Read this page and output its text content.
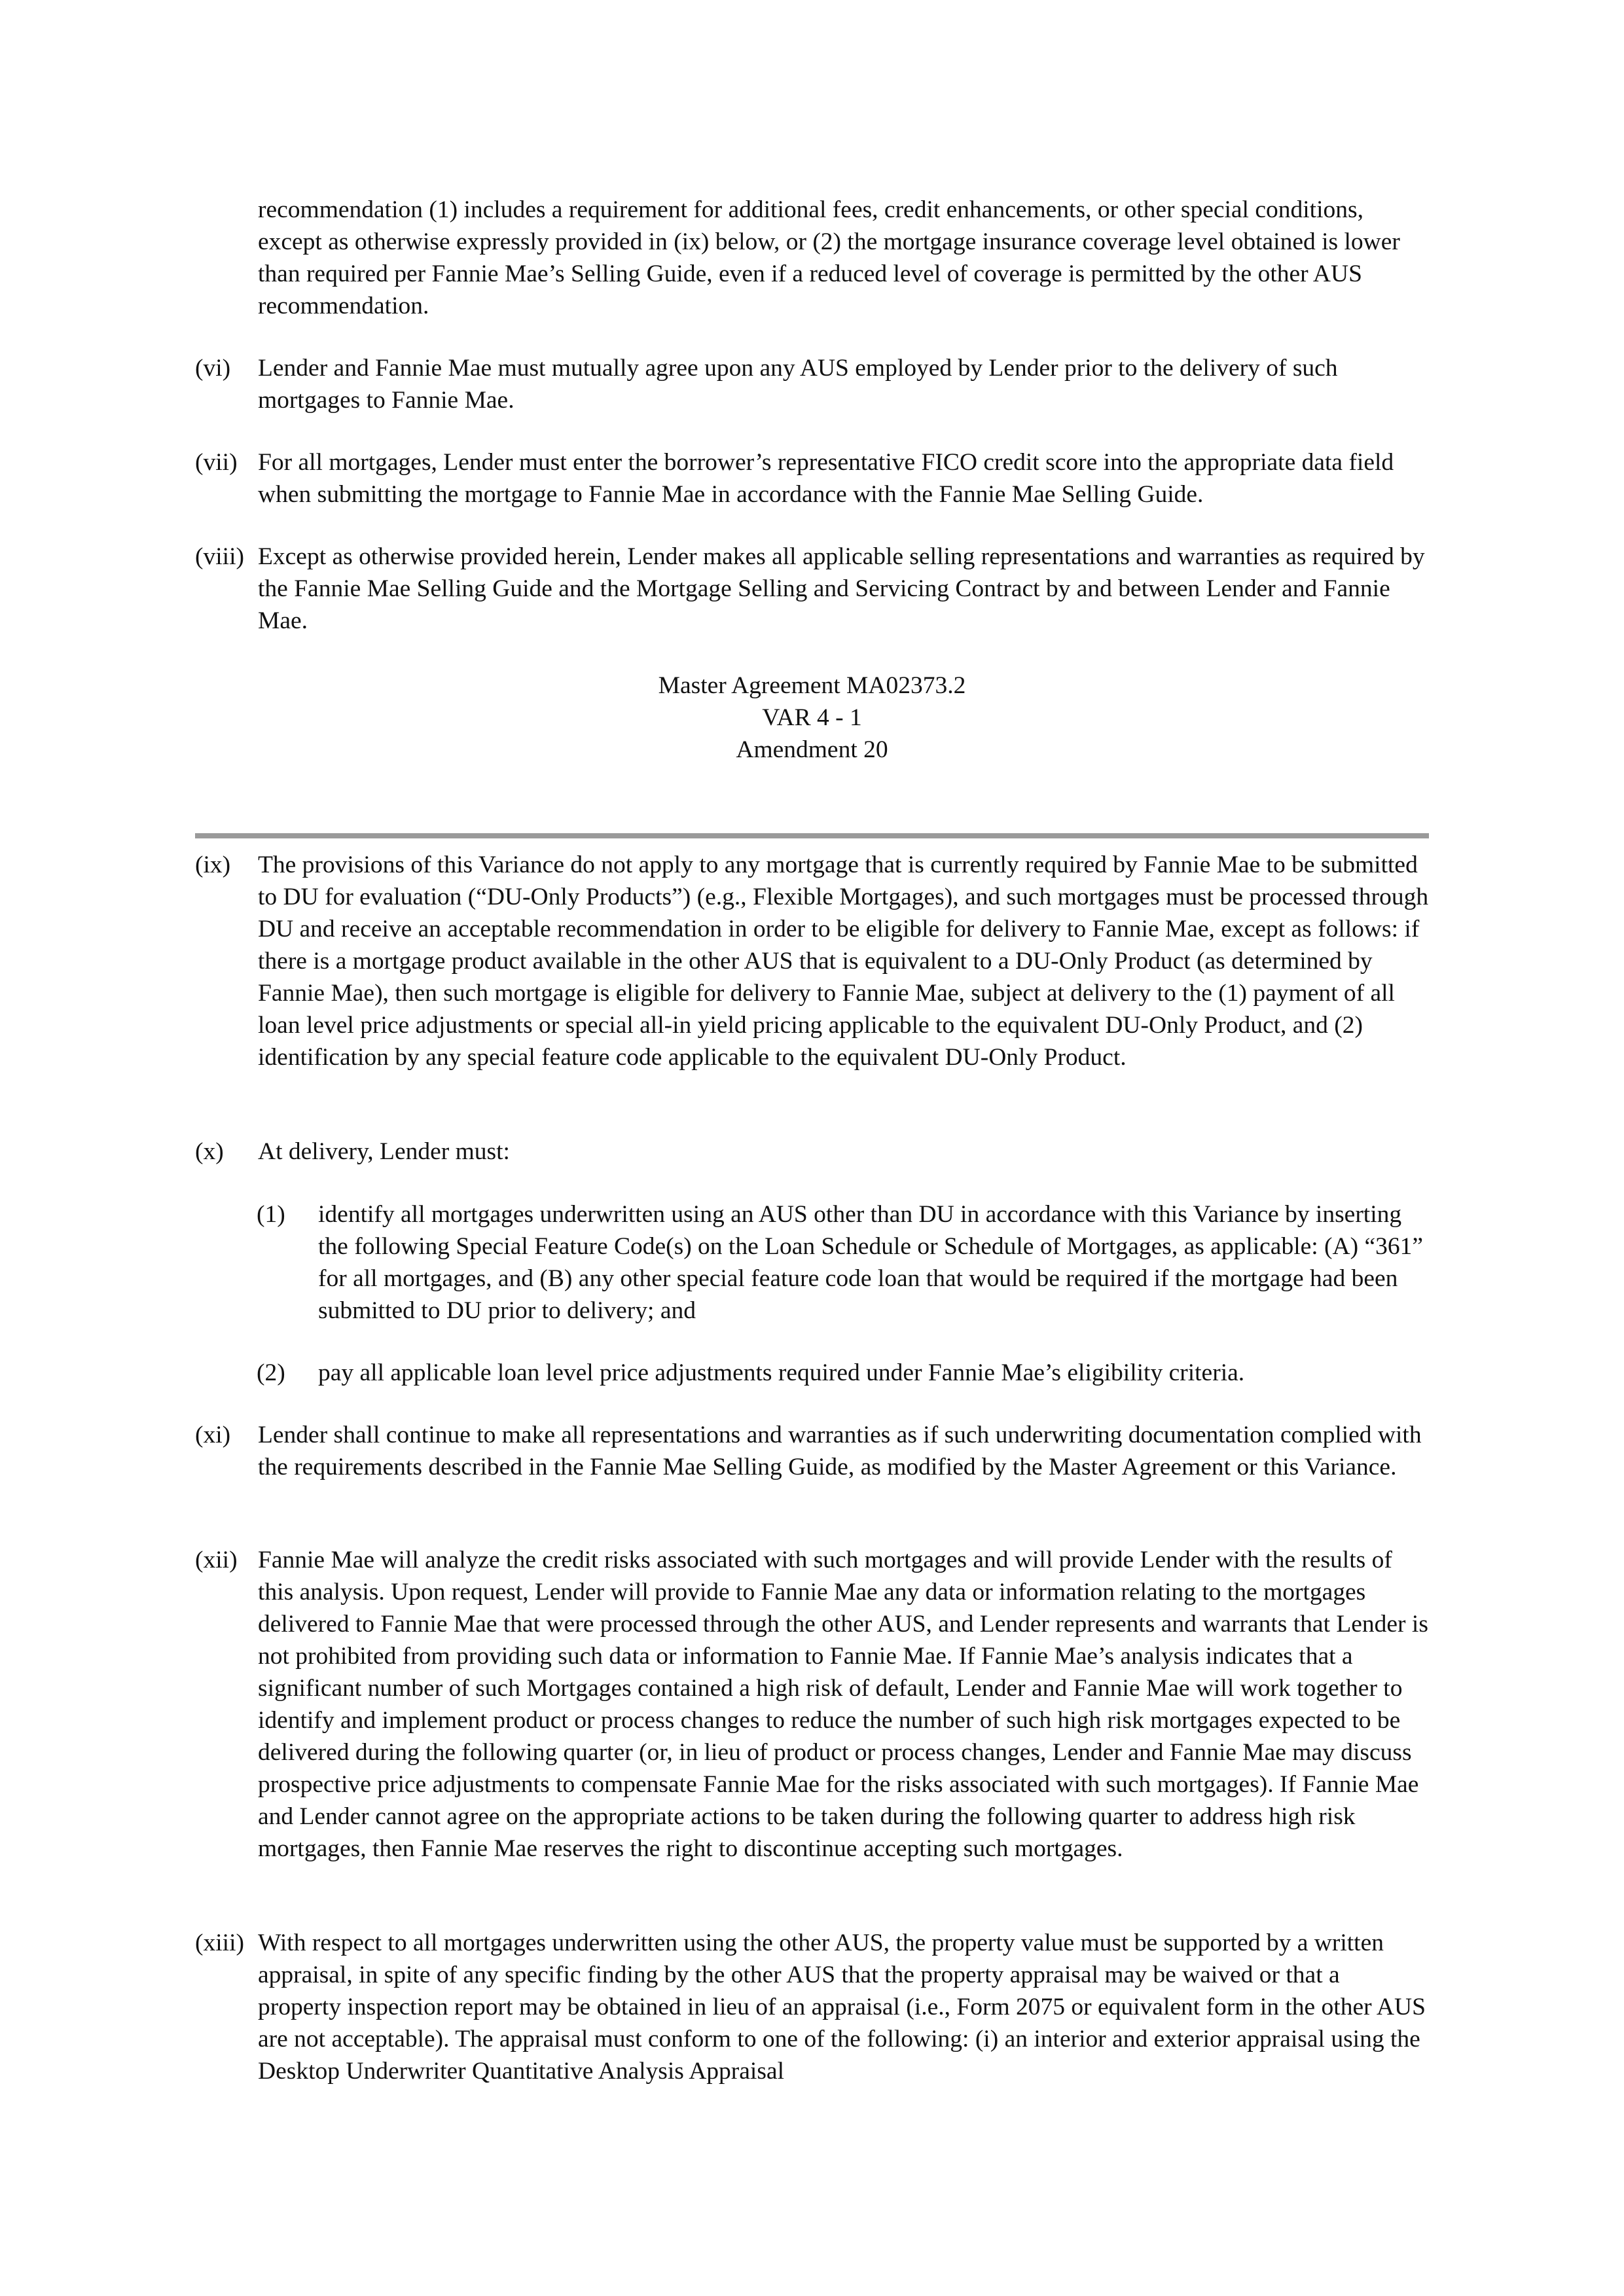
recommendation (1) includes a requirement for additional fees, credit enhancements, or other special conditions, except as otherwise expressly provided in (ix) below, or (2) the mortgage insurance coverage level obtained is lower than required per Fannie Mae’s Selling Guide, even if a reduced level of coverage is permitted by the other AUS recommendation.

(vi) Lender and Fannie Mae must mutually agree upon any AUS employed by Lender prior to the delivery of such mortgages to Fannie Mae.
(vii) For all mortgages, Lender must enter the borrower’s representative FICO credit score into the appropriate data field when submitting the mortgage to Fannie Mae in accordance with the Fannie Mae Selling Guide.
(viii) Except as otherwise provided herein, Lender makes all applicable selling representations and warranties as required by the Fannie Mae Selling Guide and the Mortgage Selling and Servicing Contract by and between Lender and Fannie Mae.
Master Agreement MA02373.2
VAR 4 - 1
Amendment 20
(ix) The provisions of this Variance do not apply to any mortgage that is currently required by Fannie Mae to be submitted to DU for evaluation (“DU-Only Products”) (e.g., Flexible Mortgages), and such mortgages must be processed through DU and receive an acceptable recommendation in order to be eligible for delivery to Fannie Mae, except as follows: if there is a mortgage product available in the other AUS that is equivalent to a DU-Only Product (as determined by Fannie Mae), then such mortgage is eligible for delivery to Fannie Mae, subject at delivery to the (1) payment of all loan level price adjustments or special all-in yield pricing applicable to the equivalent DU-Only Product, and (2) identification by any special feature code applicable to the equivalent DU-Only Product.
(x) At delivery, Lender must:
(1) identify all mortgages underwritten using an AUS other than DU in accordance with this Variance by inserting the following Special Feature Code(s) on the Loan Schedule or Schedule of Mortgages, as applicable: (A) “361” for all mortgages, and (B) any other special feature code loan that would be required if the mortgage had been submitted to DU prior to delivery; and
(2) pay all applicable loan level price adjustments required under Fannie Mae’s eligibility criteria.
(xi) Lender shall continue to make all representations and warranties as if such underwriting documentation complied with the requirements described in the Fannie Mae Selling Guide, as modified by the Master Agreement or this Variance.
(xii) Fannie Mae will analyze the credit risks associated with such mortgages and will provide Lender with the results of this analysis. Upon request, Lender will provide to Fannie Mae any data or information relating to the mortgages delivered to Fannie Mae that were processed through the other AUS, and Lender represents and warrants that Lender is not prohibited from providing such data or information to Fannie Mae. If Fannie Mae’s analysis indicates that a significant number of such Mortgages contained a high risk of default, Lender and Fannie Mae will work together to identify and implement product or process changes to reduce the number of such high risk mortgages expected to be delivered during the following quarter (or, in lieu of product or process changes, Lender and Fannie Mae may discuss prospective price adjustments to compensate Fannie Mae for the risks associated with such mortgages). If Fannie Mae and Lender cannot agree on the appropriate actions to be taken during the following quarter to address high risk mortgages, then Fannie Mae reserves the right to discontinue accepting such mortgages.
(xiii) With respect to all mortgages underwritten using the other AUS, the property value must be supported by a written appraisal, in spite of any specific finding by the other AUS that the property appraisal may be waived or that a property inspection report may be obtained in lieu of an appraisal (i.e., Form 2075 or equivalent form in the other AUS are not acceptable). The appraisal must conform to one of the following: (i) an interior and exterior appraisal using the Desktop Underwriter Quantitative Analysis Appraisal
